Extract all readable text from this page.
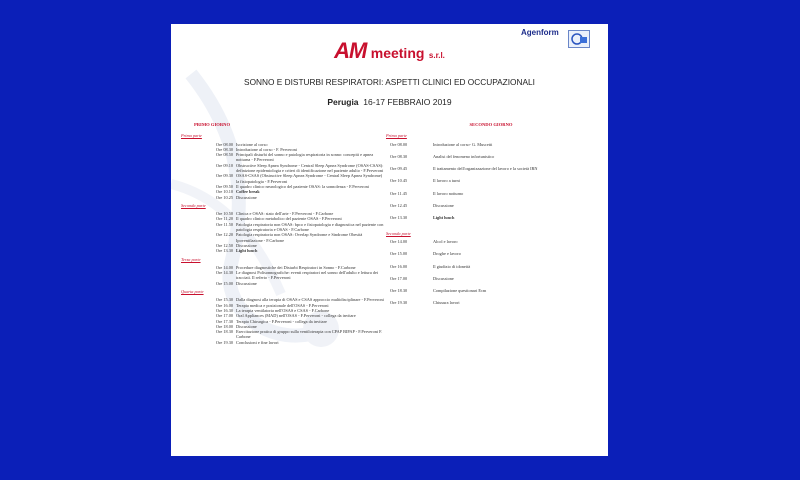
Agenform
AM meeting s.r.l.
SONNO E DISTURBI RESPIRATORI: ASPETTI CLINICI ED OCCUPAZIONALI
Perugia 16-17 FEBBRAIO 2019
PRIMO GIORNO
Prima parte
Ore 08.00 Iscrizione al corso
Ore 08.30 Introduzione al corso - F. Perveroni
Ore 08.50 Principali disturbi del sonno e patologia respiratoria in sonno: concepiti e apnea notturna - F.Perveroni
Ore 09.10 Obstructive Sleep Apnea Syndrome - Central Sleep Apnea Syndrome (OSAS-CSAS): definizione epidemiologia e criteri di identificazione nel paziente adulto - F.Perveroni
Ore 09.30 OSAS-CSAS (Obstructive Sleep Apnea Syndrome - Central Sleep Apnea Syndrome) la fisiopatologia - F.Perveroni
Ore 09.50 Il quadro clinico neurologico del paziente OSAS: la sonnolenza - F.Perveroni
Ore 10.10 Coffee break
Ore 10.25 Discussione
Seconda parte
Ore 10.50 Clinica e OSAS: stato dell'arte - F.Perveroni - F.Carbone
Ore 11.20 Il quadro clinico metabolico del paziente OSAS - F.Perveroni
Ore 11.50 Patologia respiratoria non OSAS: bpco e fisiopatologia e diagnostica nel paziente con patologia respiratoria e OSAS - F.Carbone
Ore 12.20 Patologia respiratoria non OSAS: Overlap Syndrome e Sindrome Obesità Ipoventilazione - F.Carbone
Ore 12.50 Discussione
Ore 13.30 Light lunch
Terza parte
Ore 14.00 Procedure diagnostiche dei Disturbi Respiratori in Sonno - F.Carbone
Ore 14.30 Le diagnosi Polisonnografiche: eventi respiratori nel sonno dell'adulto e lettura dei tracciati. Il referto - F.Perveroni
Ore 15.00 Discussione
Quarta parte
Ore 15.30 Dalla diagnosi alla terapia di OSAS e CSAS approccio multidisciplinare - F.Perveroni
Ore 16.00 Terapia medica e posizionale dell'OSAS - F.Perveroni
Ore 16.30 La terapia ventilatoria nell'OSAS e CSAS - F.Carbone
Ore 17.00 Oral Appliances (MAD) nell'OSAS - F.Perveroni - collega da invitare
Ore 17.30 Terapia Chirurgica - F.Perveroni - collega da invitare
Ore 18.00 Discussione
Ore 18.30 Esercitazione pratica di gruppo sulla ventiloterapia con CPAP BIPAP - F.Perveroni F. Carbone
Ore 19.30 Conclusioni e fine lavori
SECONDO GIORNO
Prima parte
Ore 08.00	Introduzione al corso- G. Muscetti
Ore 08.30	Analisi del fenomeno infortunistico
Ore 09.45	Il trattamento dell'organizzazione del lavoro e la società IRN
Ore 10.45	Il lavoro a turni
Ore 11.45	Il lavoro notturno
Ore 12.45	Discussione
Ore 13.30	Light lunch
Seconda parte
Ore 14.00	Alcol e lavoro
Ore 15.00	Droghe e lavoro
Ore 16.00	Il giudizio di idoneità
Ore 17.00	Discussione
Ore 18.30	Compilazione questionari Ecm
Ore 19.30	Chiusura lavori
